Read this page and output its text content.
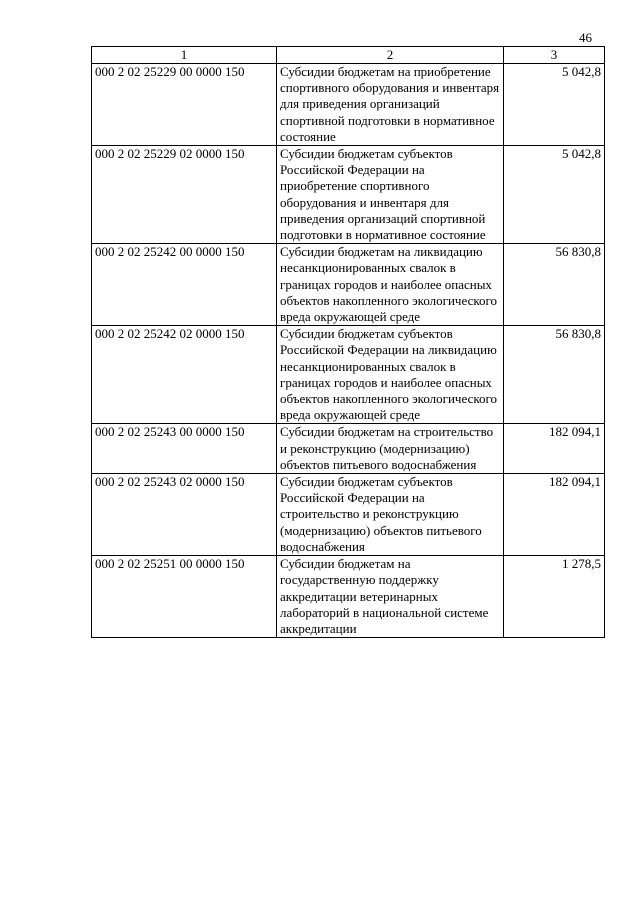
46
1	2	3
000 2 02 25229 00 0000 150	Субсидии бюджетам на приобретение спортивного оборудования и инвентаря для приведения организаций спортивной подготовки в нормативное состояние	5 042,8
000 2 02 25229 02 0000 150	Субсидии бюджетам субъектов Российской Федерации на приобретение спортивного оборудования и инвентаря для приведения организаций спортивной подготовки в нормативное состояние	5 042,8
000 2 02 25242 00 0000 150	Субсидии бюджетам на ликвидацию несанкционированных свалок в границах городов и наиболее опасных объектов накопленного экологического вреда окружающей среде	56 830,8
000 2 02 25242 02 0000 150	Субсидии бюджетам субъектов Российской Федерации на ликвидацию несанкционированных свалок в границах городов и наиболее опасных объектов накопленного экологического вреда окружающей среде	56 830,8
000 2 02 25243 00 0000 150	Субсидии бюджетам на строительство и реконструкцию (модернизацию) объектов питьевого водоснабжения	182 094,1
000 2 02 25243 02 0000 150	Субсидии бюджетам субъектов Российской Федерации на строительство и реконструкцию (модернизацию) объектов питьевого водоснабжения	182 094,1
000 2 02 25251 00 0000 150	Субсидии бюджетам на государственную поддержку аккредитации ветеринарных лабораторий в национальной системе аккредитации	1 278,5
